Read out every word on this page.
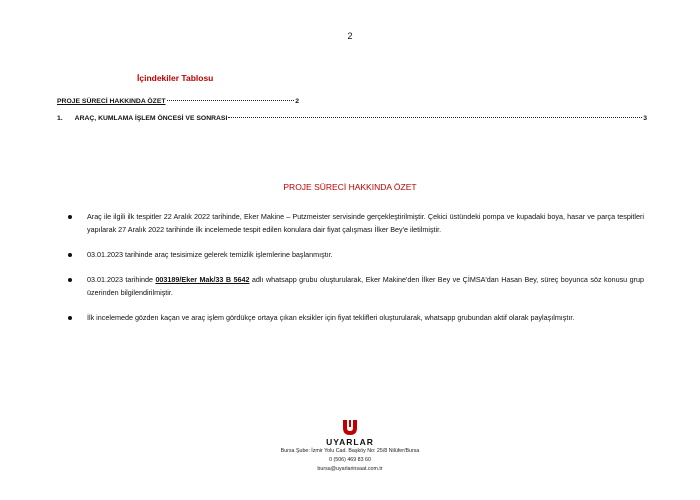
2
İçindekiler Tablosu
PROJE SÜRECİ HAKKINDA ÖZET	2
1. ARAÇ, KUMLAMA İŞLEM ÖNCESİ VE SONRASI	3
PROJE SÜRECİ HAKKINDA ÖZET
Araç ile ilgili ilk tespitler 22 Aralık 2022 tarihinde, Eker Makine – Putzmeister servisinde gerçekleştirilmiştir. Çekici üstündeki pompa ve kupadaki boya, hasar ve parça tespitleri yapılarak 27 Aralık 2022 tarihinde ilk incelemede tespit edilen konulara dair fiyat çalışması İlker Bey'e iletilmiştir.
03.01.2023 tarihinde araç tesisimize gelerek temizlik işlemlerine başlanmıştır.
03.01.2023 tarihinde 003189/Eker Mak/33 B 5642 adlı whatsapp grubu oluşturularak, Eker Makine'den İlker Bey ve ÇİMSA'dan Hasan Bey, süreç boyunca söz konusu grup üzerinden bilgilendirilmiştir.
İlk incelemede gözden kaçan ve araç işlem gördükçe ortaya çıkan eksikler için fiyat teklifleri oluşturularak, whatsapp grubundan aktif olarak paylaşılmıştır.
UYARLAR
Bursa Şube: İzmir Yolu Cad. Başköy No: 25/8 Nilüfer/Bursa
0 (506) 469 83 60
bursa@uyarlarinsaat.com.tr
